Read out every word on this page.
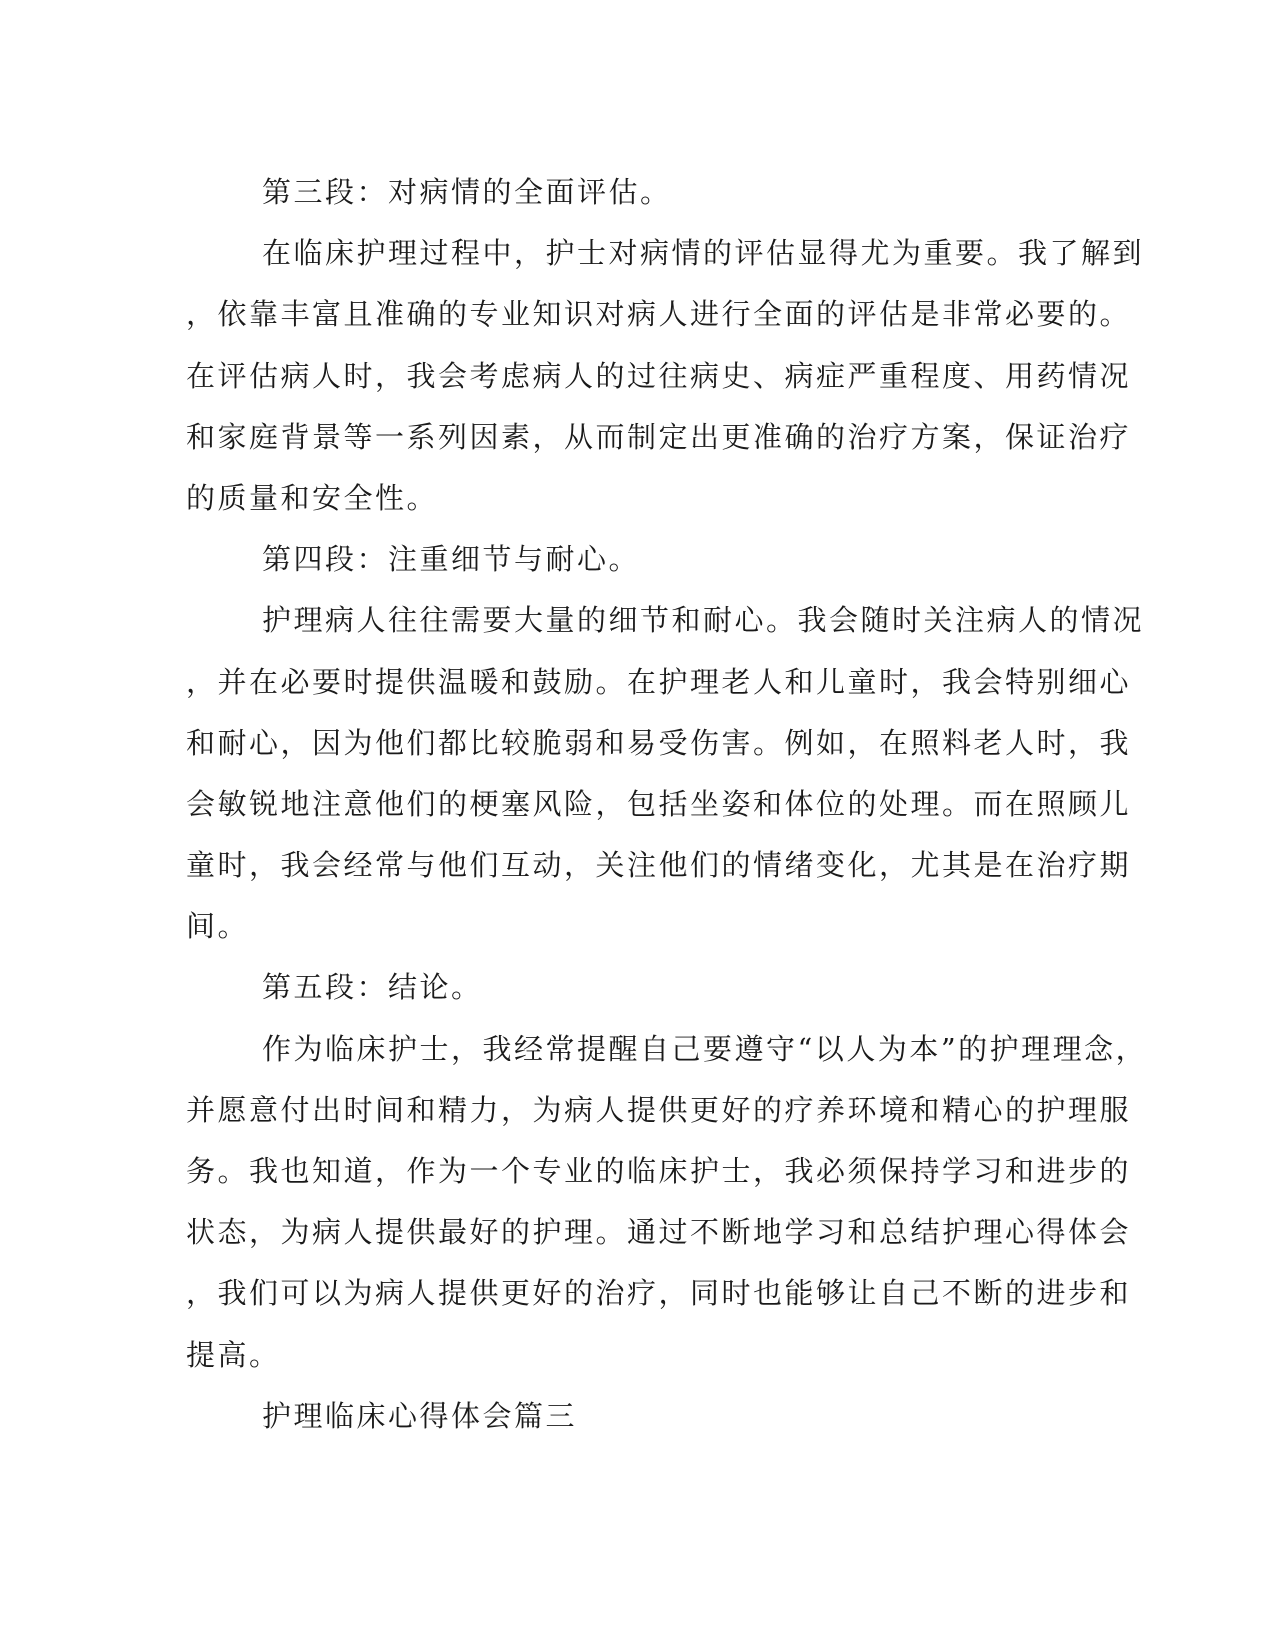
第三段：对病情的全面评估。
在临床护理过程中，护士对病情的评估显得尤为重要。我了解到
，依靠丰富且准确的专业知识对病人进行全面的评估是非常必要的。
在评估病人时，我会考虑病人的过往病史、病症严重程度、用药情况
和家庭背景等一系列因素，从而制定出更准确的治疗方案，保证治疗
的质量和安全性。
第四段：注重细节与耐心。
护理病人往往需要大量的细节和耐心。我会随时关注病人的情况
，并在必要时提供温暖和鼓励。在护理老人和儿童时，我会特别细心
和耐心，因为他们都比较脆弱和易受伤害。例如，在照料老人时，我
会敏锐地注意他们的梗塞风险，包括坐姿和体位的处理。而在照顾儿
童时，我会经常与他们互动，关注他们的情绪变化，尤其是在治疗期
间。
第五段：结论。
作为临床护士，我经常提醒自己要遵守“以人为本”的护理理念，
并愿意付出时间和精力，为病人提供更好的疗养环境和精心的护理服
务。我也知道，作为一个专业的临床护士，我必须保持学习和进步的
状态，为病人提供最好的护理。通过不断地学习和总结护理心得体会
，我们可以为病人提供更好的治疗，同时也能够让自己不断的进步和
提高。
护理临床心得体会篇三
